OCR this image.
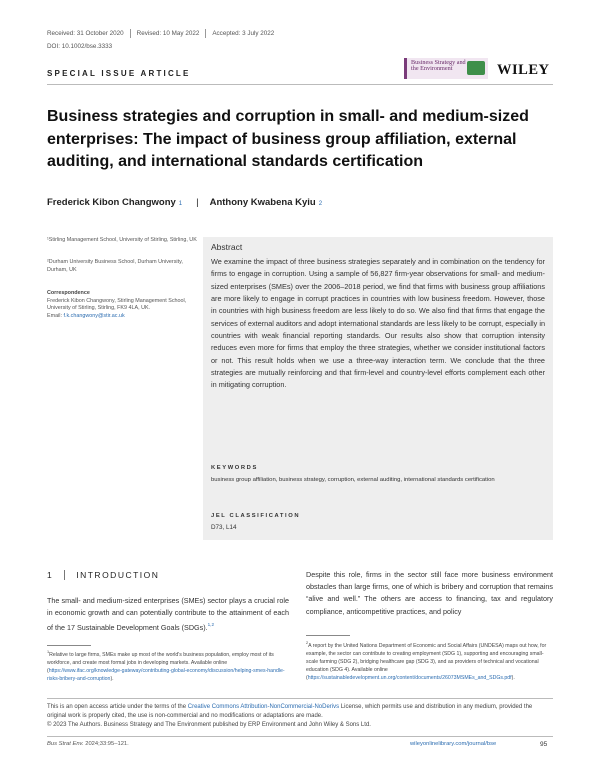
Received: 31 October 2020 Revised: 10 May 2022 Accepted: 3 July 2022
DOI: 10.1002/bse.3333
SPECIAL ISSUE ARTICLE
Business Strategy and the Environment	WILEY
Business strategies and corruption in small- and medium-sized enterprises: The impact of business group affiliation, external auditing, and international standards certification
Frederick Kibon Changwony 1 | Anthony Kwabena Kyiu 2
¹Stirling Management School, University of Stirling, Stirling, UK
²Durham University Business School, Durham University, Durham, UK
Correspondence
Frederick Kibon Changwony, Stirling Management School, University of Stirling, Stirling, FK9 4LA, UK.
Email: f.k.changwony@stir.ac.uk
Abstract

We examine the impact of three business strategies separately and in combination on the tendency for firms to engage in corruption. Using a sample of 56,827 firm-year observations for small- and medium-sized enterprises (SMEs) over the 2006–2018 period, we find that firms with business group affiliations are more likely to engage in corrupt practices in countries with low business freedom. However, those in countries with high business freedom are less likely to do so. We also find that firms that engage the services of external auditors and adopt international standards are less likely to be corrupt, especially in countries with weak financial reporting standards. Our results also show that corruption intensity reduces even more for firms that employ the three strategies, whether we consider institutional factors or not. This result holds when we use a three-way interaction term. We conclude that the three strategies are mutually reinforcing and that firm-level and country-level efforts complement each other in mitigating corruption.

KEYWORDS
business group affiliation, business strategy, corruption, external auditing, international standards certification
JEL CLASSIFICATION
D73, L14
1	INTRODUCTION

The small- and medium-sized enterprises (SMEs) sector plays a crucial role in economic growth and can potentially contribute to the attainment of each of the 17 Sustainable Development Goals (SDGs).$^{1,2}$

Despite this role, firms in the sector still face more business environment obstacles than large firms, one of which is bribery and corruption that remains “alive and well.” The others are access to financing, tax and regulatory compliance, anticompetitive practices, and policy

$^1$Relative to large firms, SMEs make up most of the world's business population, employ most of its workforce, and create most formal jobs in developing markets. Available online (https://www.ifac.org/knowledge-gateway/contributing-global-economy/discussion/helping-smes-handle-risks-bribery-and-corruption).
$^2$A report by the United Nations Department of Economic and Social Affairs (UNDESA) maps out how, for example, the sector can contribute to creating employment (SDG 1), supporting and encouraging small-scale farming (SDG 2), bridging healthcare gap (SDG 3), and as providers of technical and vocational education (SDG 4). Available online (https://sustainabledevelopment.un.org/content/documents/26073MSMEs_and_SDGs.pdf).
This is an open access article under the terms of the Creative Commons Attribution-NonCommercial-NoDerivs License, which permits use and distribution in any medium, provided the original work is properly cited, the use is non-commercial and no modifications or adaptations are made.
© 2023 The Authors. Business Strategy and The Environment published by ERP Environment and John Wiley & Sons Ltd.
Bus Strat Env. 2024;33:95–121.	wileyonlinelibrary.com/journal/bse	95
